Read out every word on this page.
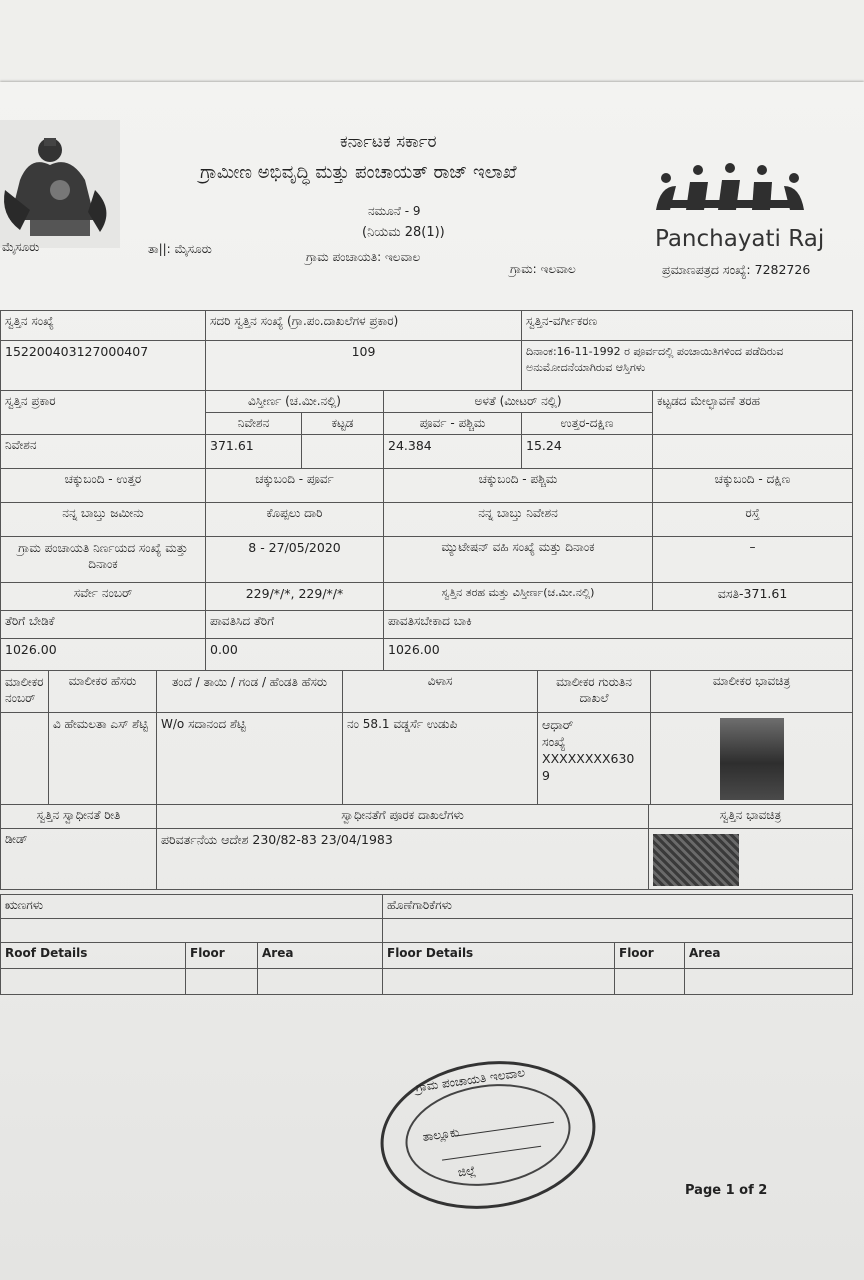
ಮೈಸೂರು
ಕರ್ನಾಟಕ ಸರ್ಕಾರ
ಗ್ರಾಮೀಣ ಅಭಿವೃದ್ಧಿ ಮತ್ತು ಪಂಚಾಯತ್ ರಾಜ್ ಇಲಾಖೆ
ನಮೂನೆ - 9
(ನಿಯಮ 28(1))
ತಾ||: ಮೈಸೂರು
ಗ್ರಾಮ ಪಂಚಾಯತಿ: ಇಲವಾಲ
ಗ್ರಾಮ: ಇಲವಾಲ
Panchayati Raj
ಪ್ರಮಾಣಪತ್ರದ ಸಂಖ್ಯೆ: 7282726
ಸ್ವತ್ತಿನ ಸಂಖ್ಯೆ	ಸದರಿ ಸ್ವತ್ತಿನ ಸಂಖ್ಯೆ (ಗ್ರಾ.ಪಂ.ದಾಖಲೆಗಳ ಪ್ರಕಾರ)			ಸ್ವತ್ತಿನ-ವರ್ಗೀಕರಣ	
152200403127000407	109			ದಿನಾಂಕ:16-11-1992 ರ ಪೂರ್ವದಲ್ಲಿ ಪಂಚಾಯಿತಿಗಳಿಂದ ಪಡೆದಿರುವ ಅನುಮೋದನೆಯಾಗಿರುವ ಆಸ್ತಿಗಳು	
ಸ್ವತ್ತಿನ ಪ್ರಕಾರ	ವಿಸ್ತೀರ್ಣ (ಚ.ಮೀ.ನಲ್ಲಿ)		ಅಳತೆ (ಮೀಟರ್ ನಲ್ಲಿ)		ಕಟ್ಟಡದ ಮೇಲ್ಛಾವಣೆ ತರಹ
	ನಿವೇಶನ	ಕಟ್ಟಡ	ಪೂರ್ವ - ಪಶ್ಚಿಮ	ಉತ್ತರ-ದಕ್ಷಿಣ	
ನಿವೇಶನ	371.61		24.384	15.24	
ಚಕ್ಕುಬಂದಿ - ಉತ್ತರ	ಚಕ್ಕುಬಂದಿ - ಪೂರ್ವ		ಚಕ್ಕುಬಂದಿ - ಪಶ್ಚಿಮ		ಚಕ್ಕುಬಂದಿ - ದಕ್ಷಿಣ
ನನ್ನ ಬಾಬ್ತು ಜಮೀನು	ಕೊಪ್ಪಲು ದಾರಿ		ನನ್ನ ಬಾಬ್ತು ನಿವೇಶನ		ರಸ್ತೆ
ಗ್ರಾಮ ಪಂಚಾಯತಿ ನಿರ್ಣಯದ ಸಂಖ್ಯೆ ಮತ್ತು ದಿನಾಂಕ	8 - 27/05/2020		ಮ್ಯುಟೇಷನ್ ವಹಿ ಸಂಖ್ಯೆ ಮತ್ತು ದಿನಾಂಕ		–
ಸರ್ವೇ ನಂಬರ್	229/*/*, 229/*/*		ಸ್ವತ್ತಿನ ತರಹ ಮತ್ತು ವಿಸ್ತೀರ್ಣ(ಚ.ಮೀ.ನಲ್ಲಿ)		ವಸತಿ-371.61
ತೆರಿಗೆ ಬೇಡಿಕೆ	ಪಾವತಿಸಿದ ತೆರಿಗೆ		ಪಾವತಿಸಬೇಕಾದ ಬಾಕಿ		
1026.00	0.00		1026.00		
ಮಾಲೀಕರ ನಂಬರ್	ಮಾಲೀಕರ ಹೆಸರು	ತಂದೆ / ತಾಯಿ / ಗಂಡ / ಹೆಂಡತಿ ಹೆಸರು	ವಿಳಾಸ	ಮಾಲೀಕರ ಗುರುತಿನ ದಾಖಲೆ	ಮಾಲೀಕರ ಭಾವಚಿತ್ರ
	ವಿ ಹೇಮಲತಾ ಎಸ್ ಶೆಟ್ಟಿ	W/o ಸದಾನಂದ ಶೆಟ್ಟಿ	ನಂ 58.1 ವಡ್ಡರ್ಸೆ ಉಡುಪಿ	ಆಧಾರ್
ಸಂಖ್ಯೆ
XXXXXXXX630
9	

ಸ್ವತ್ತಿನ ಸ್ವಾಧೀನತೆ ರೀತಿ	ಸ್ವಾಧೀನತೆಗೆ ಪೂರಕ ದಾಖಲೆಗಳು	ಸ್ವತ್ತಿನ ಭಾವಚಿತ್ರ
ಡೀಡ್	ಪರಿವರ್ತನೆಯ ಆದೇಶ 230/82-83 23/04/1983	
ಋಣಗಳು	ಹೊಣೆಗಾರಿಕೆಗಳು

Roof Details	Floor	Area	Floor Details	Floor	Area

ಗ್ರಾಮ ಪಂಚಾಯತಿ ಇಲವಾಲ
ತಾಲ್ಲೂಕು
ಜಿಲ್ಲೆ
Page 1 of 2
